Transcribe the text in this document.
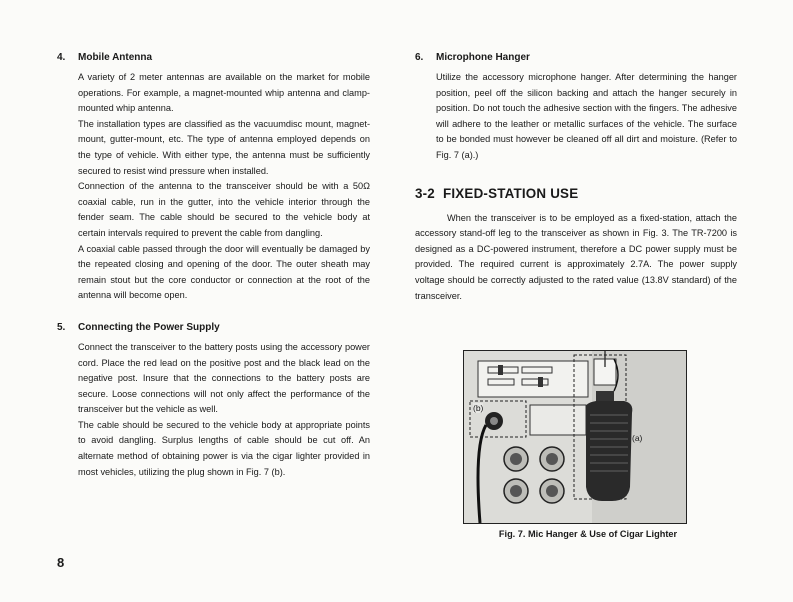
4.	Mobile Antenna

A variety of 2 meter antennas are available on the market for mobile operations. For example, a magnet-mounted whip antenna and clamp-mounted whip antenna.

The installation types are classified as the vacuumdisc mount, magnet-mount, gutter-mount, etc. The type of antenna employed depends on the type of vehicle. With either type, the antenna must be sufficiently secured to resist wind pressure when installed.

Connection of the antenna to the transceiver should be with a 50Ω coaxial cable, run in the gutter, into the vehicle interior through the fender seam. The cable should be secured to the vehicle body at certain intervals required to prevent the cable from dangling.

A coaxial cable passed through the door will eventually be damaged by the repeated closing and opening of the door. The outer sheath may remain stout but the core conductor or connection at the root of the antenna will become open.

5.	Connecting the Power Supply

Connect the transceiver to the battery posts using the accessory power cord. Place the red lead on the positive post and the black lead on the negative post. Insure that the connections to the battery posts are secure. Loose connections will not only affect the performance of the transceiver but the vehicle as well.

The cable should be secured to the vehicle body at appropriate points to avoid dangling. Surplus lengths of cable should be cut off. An alternate method of obtaining power is via the cigar lighter provided in most vehicles, utilizing the plug shown in Fig. 7 (b).

6.	Microphone Hanger

Utilize the accessory microphone hanger. After determining the hanger position, peel off the silicon backing and attach the hanger securely in position. Do not touch the adhesive section with the fingers. The adhesive will adhere to the leather or metallic surfaces of the vehicle. The surface to be bonded must however be cleaned off all dirt and moisture. (Refer to Fig. 7 (a).)

3-2 FIXED-STATION USE

When the transceiver is to be employed as a fixed-station, attach the accessory stand-off leg to the transceiver as shown in Fig. 3. The TR-7200 is designed as a DC-powered instrument, therefore a DC power supply must be provided. The required current is approximately 2.7A. The power supply voltage should be correctly adjusted to the rated value (13.8V standard) of the transceiver.

(b)
(a)
Fig. 7. Mic Hanger & Use of Cigar Lighter
8
